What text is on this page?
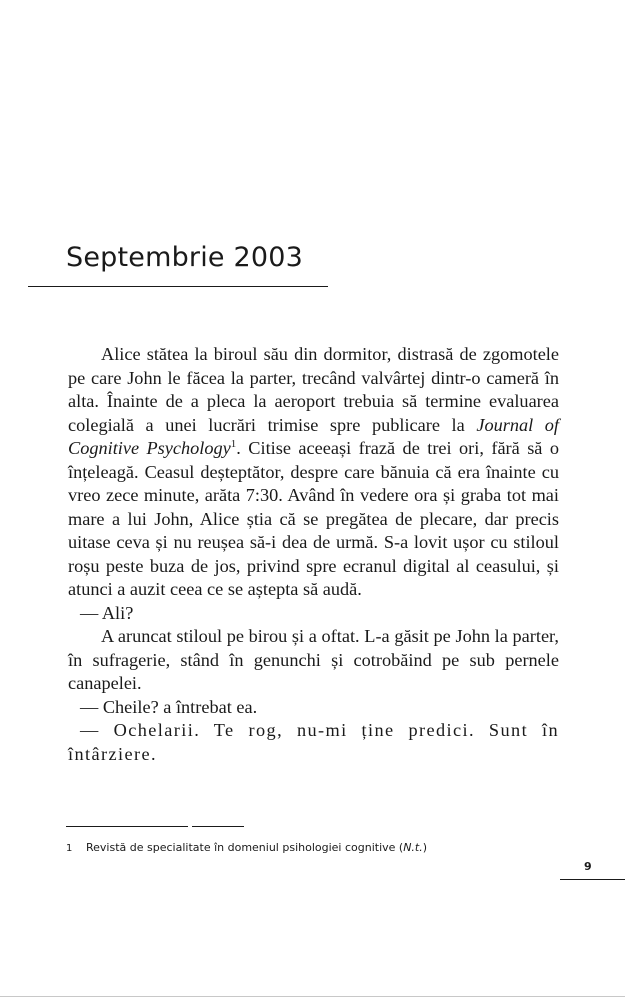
Septembrie 2003

Alice stătea la biroul său din dormitor, distrasă de zgomotele pe care John le făcea la parter, trecând valvârtej dintr-o cameră în alta. Înainte de a pleca la aeroport trebuia să termine evaluarea colegială a unei lucrări trimise spre publicare la Journal of Cognitive Psychology$^1$. Citise aceeași frază de trei ori, fără să o înțeleagă. Ceasul deșteptător, despre care bănuia că era înainte cu vreo zece minute, arăta 7:30. Având în vedere ora și graba tot mai mare a lui John, Alice știa că se pregătea de plecare, dar precis uitase ceva și nu reușea să-i dea de urmă. S-a lovit ușor cu stiloul roșu peste buza de jos, privind spre ecranul digital al ceasului, și atunci a auzit ceea ce se aștepta să audă.

— Ali?

A aruncat stiloul pe birou și a oftat. L-a găsit pe John la parter, în sufragerie, stând în genunchi și cotrobăind pe sub pernele canapelei.

— Cheile? a întrebat ea.

— Ochelarii. Te rog, nu-mi ține predici. Sunt în întârziere.

1 Revistă de specialitate în domeniul psihologiei cognitive (N.t.)
9
